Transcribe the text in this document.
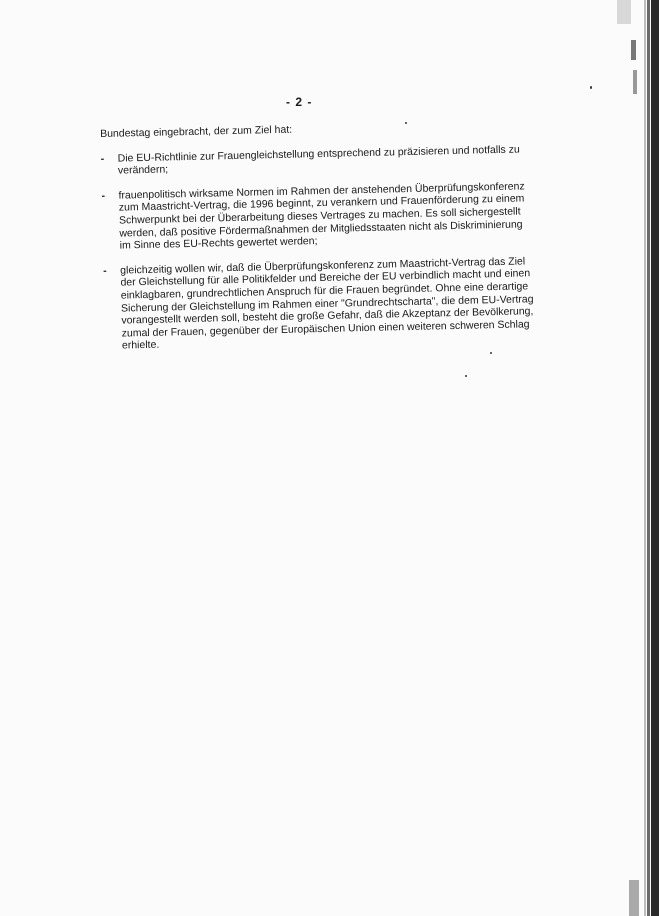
- 2 -

Bundestag eingebracht, der zum Ziel hat:

- Die EU-Richtlinie zur Frauengleichstellung entsprechend zu präzisieren und notfalls zu verändern;
- frauenpolitisch wirksame Normen im Rahmen der anstehenden Überprüfungskonferenz zum Maastricht-Vertrag, die 1996 beginnt, zu verankern und Frauenförderung zu einem Schwerpunkt bei der Überarbeitung dieses Vertrages zu machen. Es soll sichergestellt werden, daß positive Fördermaßnahmen der Mitgliedsstaaten nicht als Diskriminierung im Sinne des EU-Rechts gewertet werden;
- gleichzeitig wollen wir, daß die Überprüfungskonferenz zum Maastricht-Vertrag das Ziel der Gleichstellung für alle Politikfelder und Bereiche der EU verbindlich macht und einen einklagbaren, grundrechtlichen Anspruch für die Frauen begründet. Ohne eine derartige Sicherung der Gleichstellung im Rahmen einer "Grundrechtscharta", die dem EU-Vertrag vorangestellt werden soll, besteht die große Gefahr, daß die Akzeptanz der Bevölkerung, zumal der Frauen, gegenüber der Europäischen Union einen weiteren schweren Schlag erhielte.
